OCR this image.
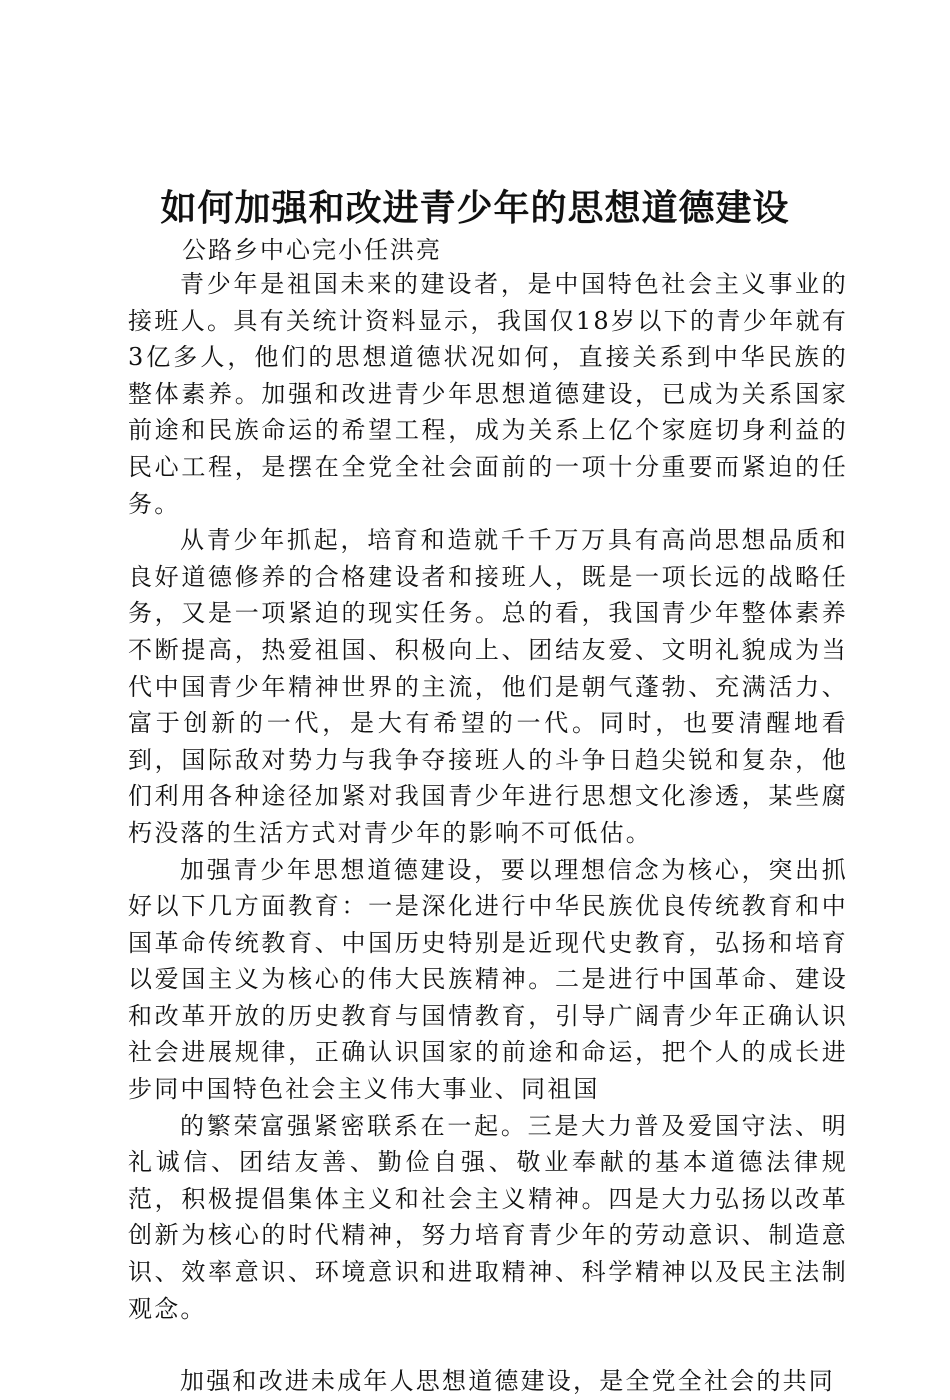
如何加强和改进青少年的思想道德建设
公路乡中心完小任洪亮

青少年是祖国未来的建设者，是中国特色社会主义事业的接班人。具有关统计资料显示，我国仅18岁以下的青少年就有3亿多人，他们的思想道德状况如何，直接关系到中华民族的整体素养。加强和改进青少年思想道德建设，已成为关系国家前途和民族命运的希望工程，成为关系上亿个家庭切身利益的民心工程，是摆在全党全社会面前的一项十分重要而紧迫的任务。

从青少年抓起，培育和造就千千万万具有高尚思想品质和良好道德修养的合格建设者和接班人，既是一项长远的战略任务，又是一项紧迫的现实任务。总的看，我国青少年整体素养不断提高，热爱祖国、积极向上、团结友爱、文明礼貌成为当代中国青少年精神世界的主流，他们是朝气蓬勃、充满活力、富于创新的一代，是大有希望的一代。同时，也要清醒地看到，国际敌对势力与我争夺接班人的斗争日趋尖锐和复杂，他们利用各种途径加紧对我国青少年进行思想文化渗透，某些腐朽没落的生活方式对青少年的影响不可低估。

加强青少年思想道德建设，要以理想信念为核心，突出抓好以下几方面教育：一是深化进行中华民族优良传统教育和中国革命传统教育、中国历史特别是近现代史教育，弘扬和培育以爱国主义为核心的伟大民族精神。二是进行中国革命、建设和改革开放的历史教育与国情教育，引导广阔青少年正确认识社会进展规律，正确认识国家的前途和命运，把个人的成长进步同中国特色社会主义伟大事业、同祖国

的繁荣富强紧密联系在一起。三是大力普及爱国守法、明礼诚信、团结友善、勤俭自强、敬业奉献的基本道德法律规范，积极提倡集体主义和社会主义精神。四是大力弘扬以改革创新为核心的时代精神，努力培育青少年的劳动意识、制造意识、效率意识、环境意识和进取精神、科学精神以及民主法制观念。

加强和改进未成年人思想道德建设，是全党全社会的共同
